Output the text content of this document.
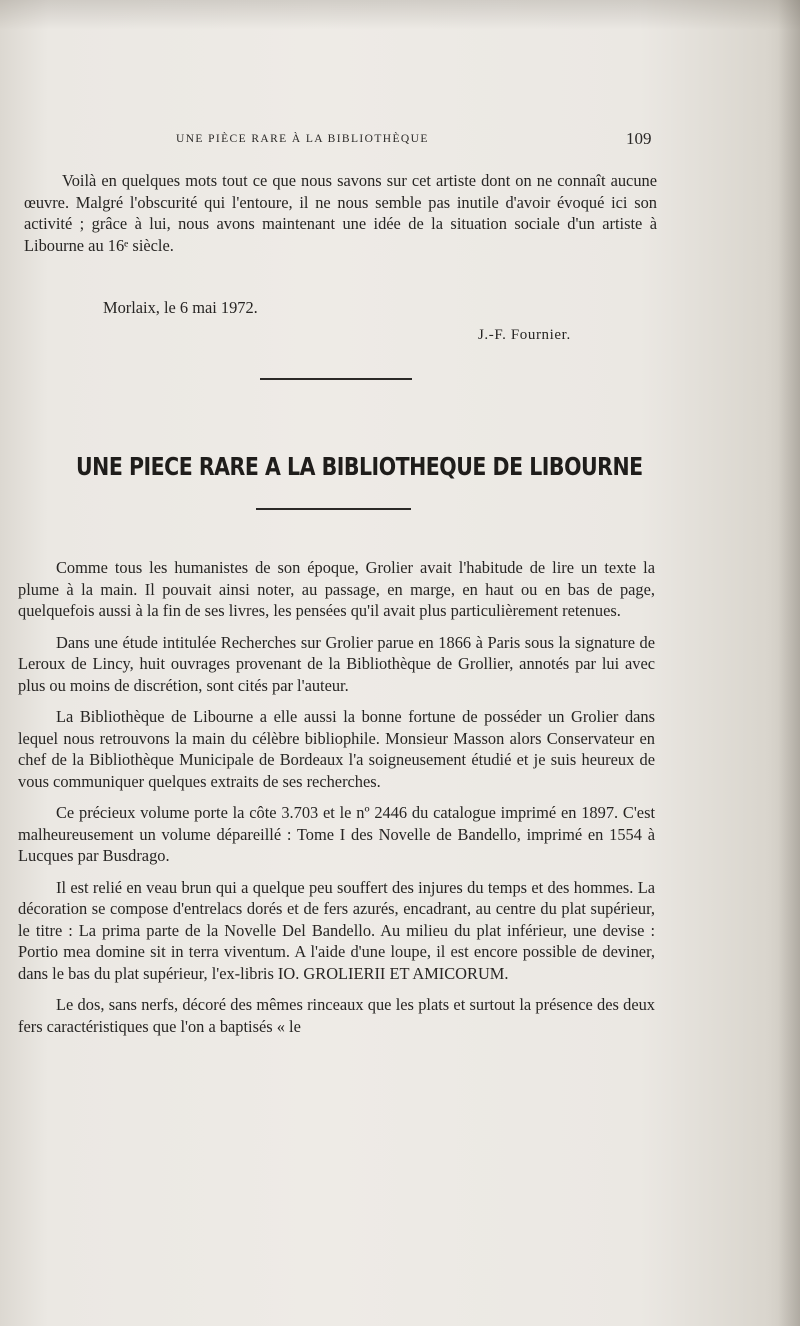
UNE PIÈCE RARE À LA BIBLIOTHÈQUE	109

Voilà en quelques mots tout ce que nous savons sur cet artiste dont on ne connaît aucune œuvre. Malgré l'obscurité qui l'entoure, il ne nous semble pas inutile d'avoir évoqué ici son activité ; grâce à lui, nous avons maintenant une idée de la situation sociale d'un artiste à Libourne au 16ᵉ siècle.

Morlaix, le 6 mai 1972.
J.-F. Fournier.
UNE PIECE RARE A LA BIBLIOTHEQUE DE LIBOURNE

Comme tous les humanistes de son époque, Grolier avait l'habitude de lire un texte la plume à la main. Il pouvait ainsi noter, au passage, en marge, en haut ou en bas de page, quelquefois aussi à la fin de ses livres, les pensées qu'il avait plus particulièrement retenues.

Dans une étude intitulée Recherches sur Grolier parue en 1866 à Paris sous la signature de Leroux de Lincy, huit ouvrages provenant de la Bibliothèque de Grollier, annotés par lui avec plus ou moins de discrétion, sont cités par l'auteur.

La Bibliothèque de Libourne a elle aussi la bonne fortune de posséder un Grolier dans lequel nous retrouvons la main du célèbre bibliophile. Monsieur Masson alors Conservateur en chef de la Bibliothèque Municipale de Bordeaux l'a soigneusement étudié et je suis heureux de vous communiquer quelques extraits de ses recherches.

Ce précieux volume porte la côte 3.703 et le nº 2446 du catalogue imprimé en 1897. C'est malheureusement un volume dépareillé : Tome I des Novelle de Bandello, imprimé en 1554 à Lucques par Busdrago.

Il est relié en veau brun qui a quelque peu souffert des injures du temps et des hommes. La décoration se compose d'entrelacs dorés et de fers azurés, encadrant, au centre du plat supérieur, le titre : La prima parte de la Novelle Del Bandello. Au milieu du plat inférieur, une devise : Portio mea domine sit in terra viventum. A l'aide d'une loupe, il est encore possible de deviner, dans le bas du plat supérieur, l'ex-libris IO. GROLIERII ET AMICORUM.

Le dos, sans nerfs, décoré des mêmes rinceaux que les plats et surtout la présence des deux fers caractéristiques que l'on a baptisés « le
